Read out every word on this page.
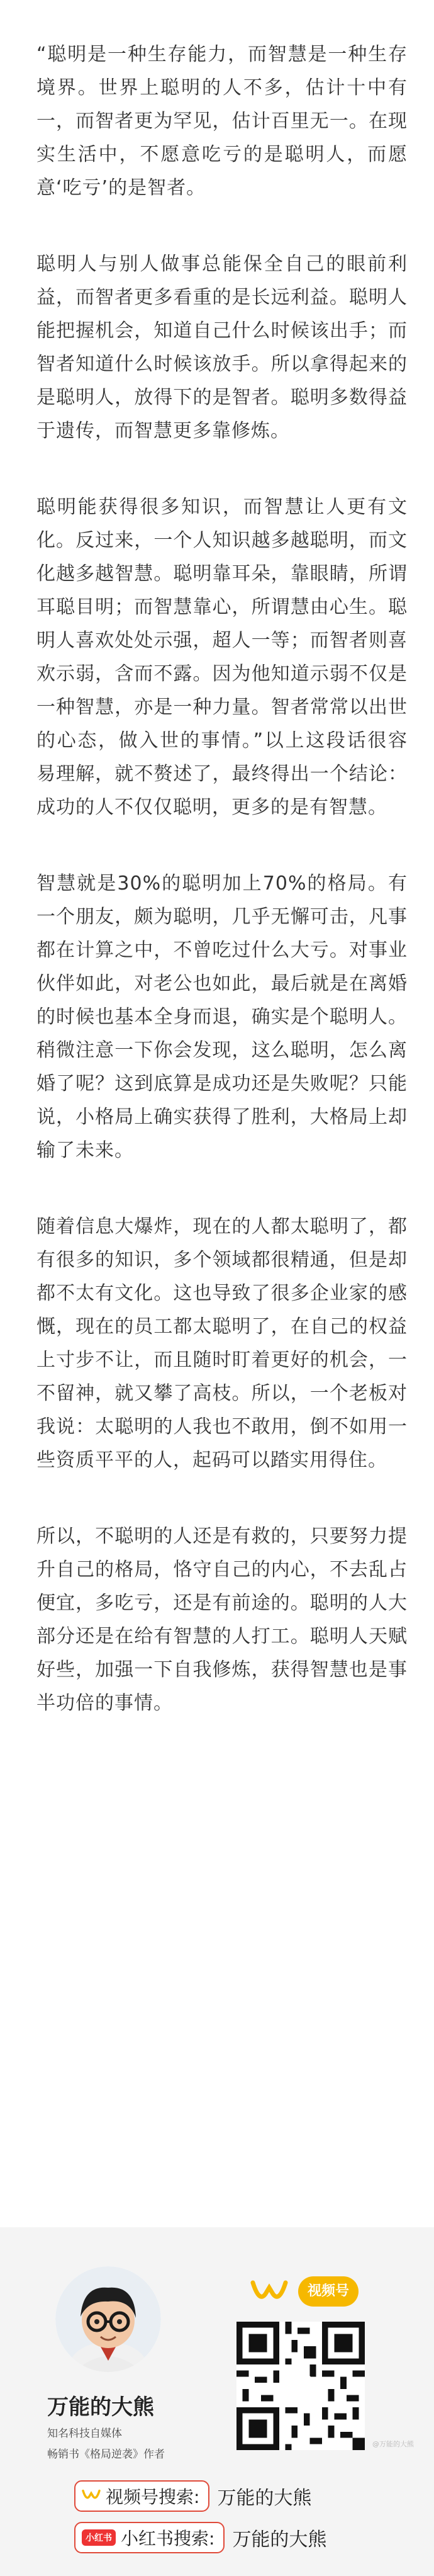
“聪明是一种生存能力，而智慧是一种生存境界。世界上聪明的人不多，估计十中有一，而智者更为罕见，估计百里无一。在现实生活中，不愿意吃亏的是聪明人，而愿意‘吃亏’的是智者。

聪明人与别人做事总能保全自己的眼前利益，而智者更多看重的是长远利益。聪明人能把握机会，知道自己什么时候该出手；而智者知道什么时候该放手。所以拿得起来的是聪明人，放得下的是智者。聪明多数得益于遗传，而智慧更多靠修炼。

聪明能获得很多知识，而智慧让人更有文化。反过来，一个人知识越多越聪明，而文化越多越智慧。聪明靠耳朵，靠眼睛，所谓耳聪目明；而智慧靠心，所谓慧由心生。聪明人喜欢处处示强，超人一等；而智者则喜欢示弱，含而不露。因为他知道示弱不仅是一种智慧，亦是一种力量。智者常常以出世的心态，做入世的事情。”以上这段话很容易理解，就不赘述了，最终得出一个结论：成功的人不仅仅聪明，更多的是有智慧。

智慧就是30%的聪明加上70%的格局。有一个朋友，颇为聪明，几乎无懈可击，凡事都在计算之中，不曾吃过什么大亏。对事业伙伴如此，对老公也如此，最后就是在离婚的时候也基本全身而退，确实是个聪明人。稍微注意一下你会发现，这么聪明，怎么离婚了呢？这到底算是成功还是失败呢？只能说，小格局上确实获得了胜利，大格局上却输了未来。

随着信息大爆炸，现在的人都太聪明了，都有很多的知识，多个领域都很精通，但是却都不太有文化。这也导致了很多企业家的感慨，现在的员工都太聪明了，在自己的权益上寸步不让，而且随时盯着更好的机会，一不留神，就又攀了高枝。所以，一个老板对我说：太聪明的人我也不敢用，倒不如用一些资质平平的人，起码可以踏实用得住。

所以，不聪明的人还是有救的，只要努力提升自己的格局，恪守自己的内心，不去乱占便宜，多吃亏，还是有前途的。聪明的人大部分还是在给有智慧的人打工。聪明人天赋好些，加强一下自我修炼，获得智慧也是事半功倍的事情。

万能的大熊
知名科技自媒体
畅销书《格局逆袭》作者
视频号
@万能的大熊
视频号搜索: 万能的大熊
小红书 小红书搜索: 万能的大熊
